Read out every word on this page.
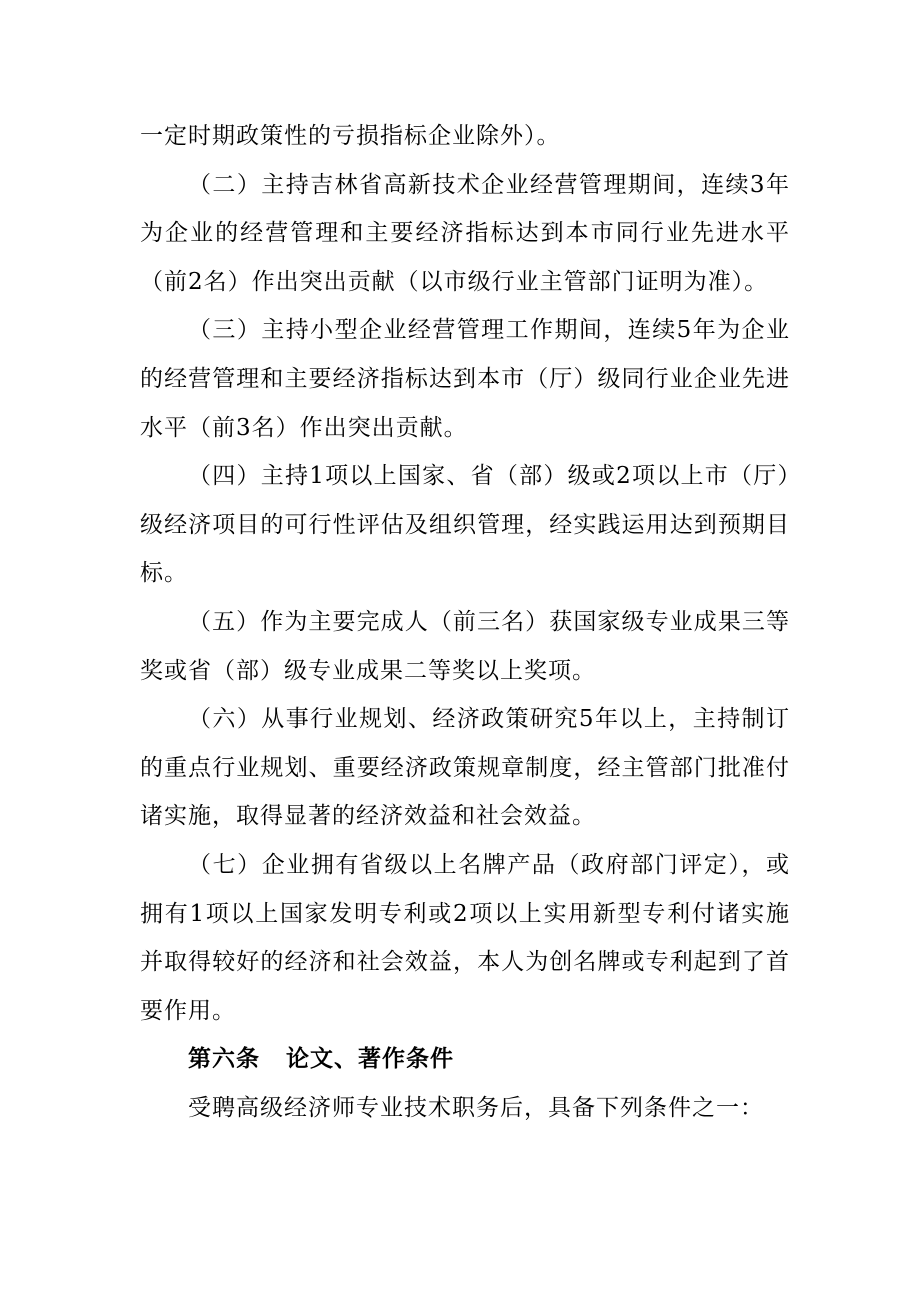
一定时期政策性的亏损指标企业除外）。

（二）主持吉林省高新技术企业经营管理期间，连续3年为企业的经营管理和主要经济指标达到本市同行业先进水平（前2名）作出突出贡献（以市级行业主管部门证明为准）。

（三）主持小型企业经营管理工作期间，连续5年为企业的经营管理和主要经济指标达到本市（厅）级同行业企业先进水平（前3名）作出突出贡献。

（四）主持1项以上国家、省（部）级或2项以上市（厅）级经济项目的可行性评估及组织管理，经实践运用达到预期目标。

（五）作为主要完成人（前三名）获国家级专业成果三等奖或省（部）级专业成果二等奖以上奖项。

（六）从事行业规划、经济政策研究5年以上，主持制订的重点行业规划、重要经济政策规章制度，经主管部门批准付诸实施，取得显著的经济效益和社会效益。

（七）企业拥有省级以上名牌产品（政府部门评定），或拥有1项以上国家发明专利或2项以上实用新型专利付诸实施并取得较好的经济和社会效益，本人为创名牌或专利起到了首要作用。

第六条 论文、著作条件

受聘高级经济师专业技术职务后，具备下列条件之一：
